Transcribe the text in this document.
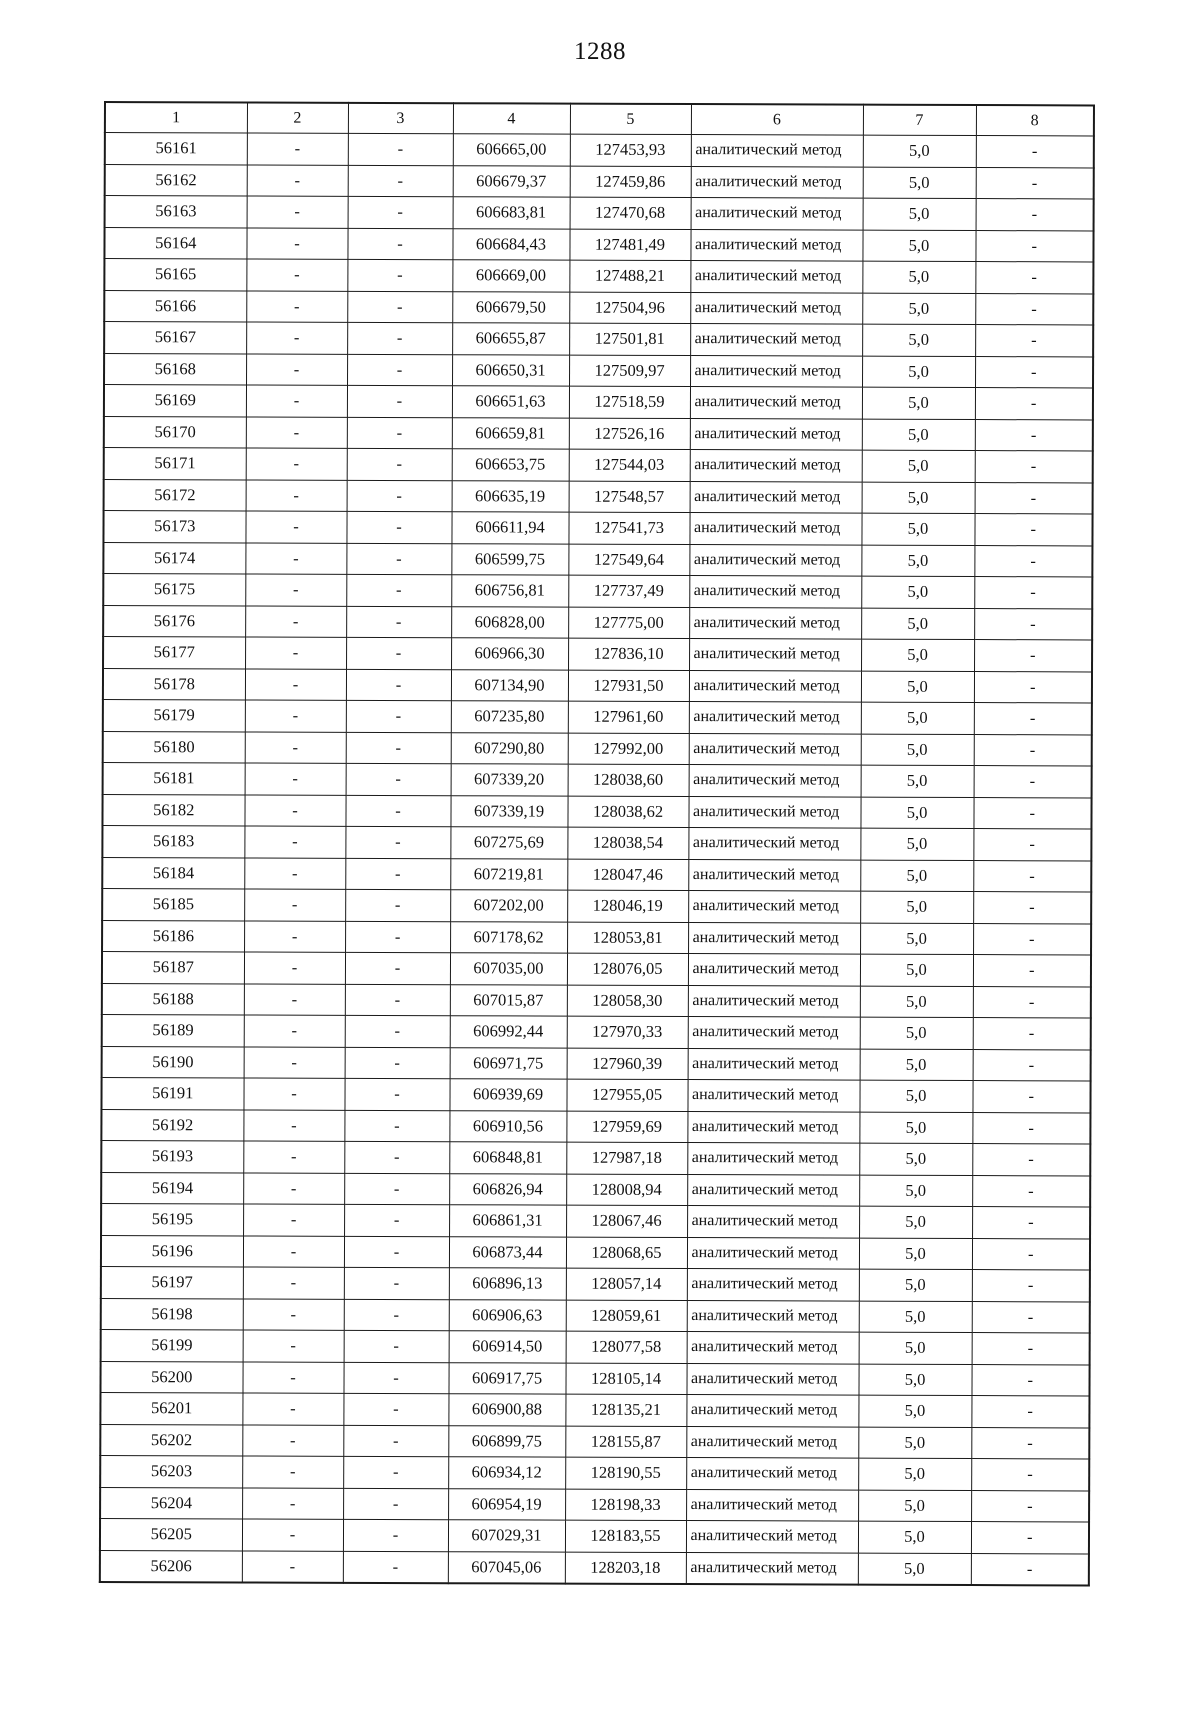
1288
1	2	3	4	5	6	7	8
56161	-	-	606665,00	127453,93	аналитический метод	5,0	-
56162	-	-	606679,37	127459,86	аналитический метод	5,0	-
56163	-	-	606683,81	127470,68	аналитический метод	5,0	-
56164	-	-	606684,43	127481,49	аналитический метод	5,0	-
56165	-	-	606669,00	127488,21	аналитический метод	5,0	-
56166	-	-	606679,50	127504,96	аналитический метод	5,0	-
56167	-	-	606655,87	127501,81	аналитический метод	5,0	-
56168	-	-	606650,31	127509,97	аналитический метод	5,0	-
56169	-	-	606651,63	127518,59	аналитический метод	5,0	-
56170	-	-	606659,81	127526,16	аналитический метод	5,0	-
56171	-	-	606653,75	127544,03	аналитический метод	5,0	-
56172	-	-	606635,19	127548,57	аналитический метод	5,0	-
56173	-	-	606611,94	127541,73	аналитический метод	5,0	-
56174	-	-	606599,75	127549,64	аналитический метод	5,0	-
56175	-	-	606756,81	127737,49	аналитический метод	5,0	-
56176	-	-	606828,00	127775,00	аналитический метод	5,0	-
56177	-	-	606966,30	127836,10	аналитический метод	5,0	-
56178	-	-	607134,90	127931,50	аналитический метод	5,0	-
56179	-	-	607235,80	127961,60	аналитический метод	5,0	-
56180	-	-	607290,80	127992,00	аналитический метод	5,0	-
56181	-	-	607339,20	128038,60	аналитический метод	5,0	-
56182	-	-	607339,19	128038,62	аналитический метод	5,0	-
56183	-	-	607275,69	128038,54	аналитический метод	5,0	-
56184	-	-	607219,81	128047,46	аналитический метод	5,0	-
56185	-	-	607202,00	128046,19	аналитический метод	5,0	-
56186	-	-	607178,62	128053,81	аналитический метод	5,0	-
56187	-	-	607035,00	128076,05	аналитический метод	5,0	-
56188	-	-	607015,87	128058,30	аналитический метод	5,0	-
56189	-	-	606992,44	127970,33	аналитический метод	5,0	-
56190	-	-	606971,75	127960,39	аналитический метод	5,0	-
56191	-	-	606939,69	127955,05	аналитический метод	5,0	-
56192	-	-	606910,56	127959,69	аналитический метод	5,0	-
56193	-	-	606848,81	127987,18	аналитический метод	5,0	-
56194	-	-	606826,94	128008,94	аналитический метод	5,0	-
56195	-	-	606861,31	128067,46	аналитический метод	5,0	-
56196	-	-	606873,44	128068,65	аналитический метод	5,0	-
56197	-	-	606896,13	128057,14	аналитический метод	5,0	-
56198	-	-	606906,63	128059,61	аналитический метод	5,0	-
56199	-	-	606914,50	128077,58	аналитический метод	5,0	-
56200	-	-	606917,75	128105,14	аналитический метод	5,0	-
56201	-	-	606900,88	128135,21	аналитический метод	5,0	-
56202	-	-	606899,75	128155,87	аналитический метод	5,0	-
56203	-	-	606934,12	128190,55	аналитический метод	5,0	-
56204	-	-	606954,19	128198,33	аналитический метод	5,0	-
56205	-	-	607029,31	128183,55	аналитический метод	5,0	-
56206	-	-	607045,06	128203,18	аналитический метод	5,0	-
